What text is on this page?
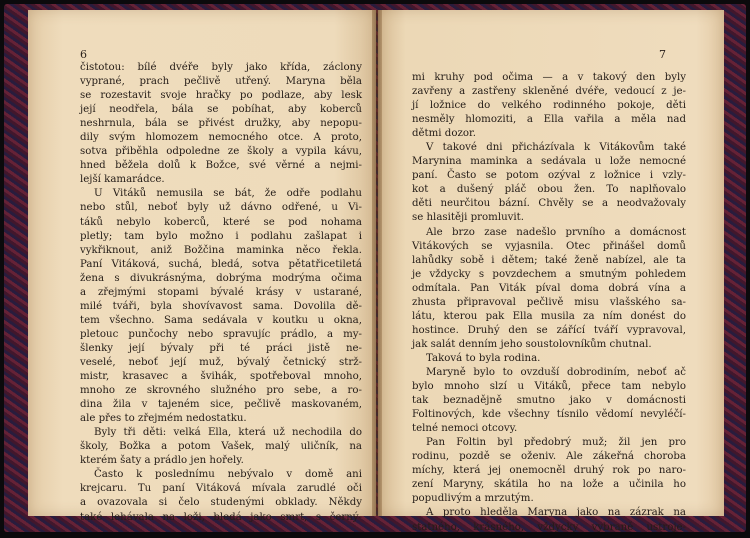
6
čistotou: bílé dvéře byly jako křída, záclony
vyprané, prach pečlivě utřený. Maryna běla
se rozestavit svoje hračky po podlaze, aby lesk
její neodřela, bála se pobíhat, aby koberců
neshrnula, bála se přivést družky, aby nepopu-
dily svým hlomozem nemocného otce. A proto,
sotva přiběhla odpoledne ze školy a vypila kávu,
hned běžela dolů k Božce, své věrné a nejmi-
lejší kamarádce.
U Vitáků nemusila se bát, že odře podlahu
nebo stůl, neboť byly už dávno odřené, u Vi-
táků nebylo koberců, které se pod nohama
pletly; tam bylo možno i podlahu zašlapat i
vykřiknout, aniž Božčina maminka něco řekla.
Paní Vitáková, suchá, bledá, sotva pětatřicetiletá
žena s divukrásnýma, dobrýma modrýma očima
a zřejmými stopami bývalé krásy v ustarané,
milé tváři, byla shovívavost sama. Dovolila dě-
tem všechno. Sama sedávala v koutku u okna,
pletouc punčochy nebo spravujíc prádlo, a my-
šlenky její bývaly při té práci jistě ne-
veselé, neboť její muž, bývalý četnický strž-
mistr, krasavec a švihák, spotřeboval mnoho,
mnoho ze skrovného služného pro sebe, a ro-
dina žila v tajeném sice, pečlivě maskovaném,
ale přes to zřejmém nedostatku.
Byly tři děti: velká Ella, která už nechodila do
školy, Božka a potom Vašek, malý uličník, na
kterém šaty a prádlo jen hořely.
Často k poslednímu nebývalo v domě ani
krejcaru. Tu paní Vitáková mívala zarudlé oči
a ovazovala si čelo studenými obklady. Někdy
také lehávala na loži, bledá jako smrt, s černý-
7
mi kruhy pod očima — a v takový den byly
zavřeny a zastřeny skleněné dvéře, vedoucí z je-
jí ložnice do velkého rodinného pokoje, děti
nesměly hlomoziti, a Ella vařila a měla nad
dětmi dozor.
V takové dni přicházívala k Vitákovům také
Marynina maminka a sedávala u lože nemocné
paní. Často se potom ozýval z ložnice i vzly-
kot a dušený pláč obou žen. To naplňovalo
děti neurčitou bázní. Chvěly se a neodvažovaly
se hlasitěji promluvit.
Ale brzo zase nadešlo prvního a domácnost
Vitákových se vyjasnila. Otec přinášel domů
lahůdky sobě i dětem; také ženě nabízel, ale ta
je vždycky s povzdechem a smutným pohledem
odmítala. Pan Viták píval doma dobrá vína a
zhusta připravoval pečlivě misu vlašského sa-
látu, kterou pak Ella musila za ním donést do
hostince. Druhý den se zářící tváří vypravoval,
jak salát denním jeho soustolovníkům chutnal.
Taková to byla rodina.
Maryně bylo to ovzduší dobrodiním, neboť ač
bylo mnoho slzí u Vitáků, přece tam nebylo
tak beznadějně smutno jako v domácnosti
Foltinových, kde všechny tísnilo vědomí nevyléčí-
telné nemoci otcovy.
Pan Foltin byl předobrý muž; žil jen pro
rodinu, pozdě se oženiv. Ale zákeřná choroba
míchy, která jej onemocněl druhý rok po naro-
zení Maryny, skátila ho na lože a učinila ho
popudlivým a mrzutým.
A proto hleděla Maryna jako na zázrak na
statného, krásného, vždycky vybraně ustroje-
